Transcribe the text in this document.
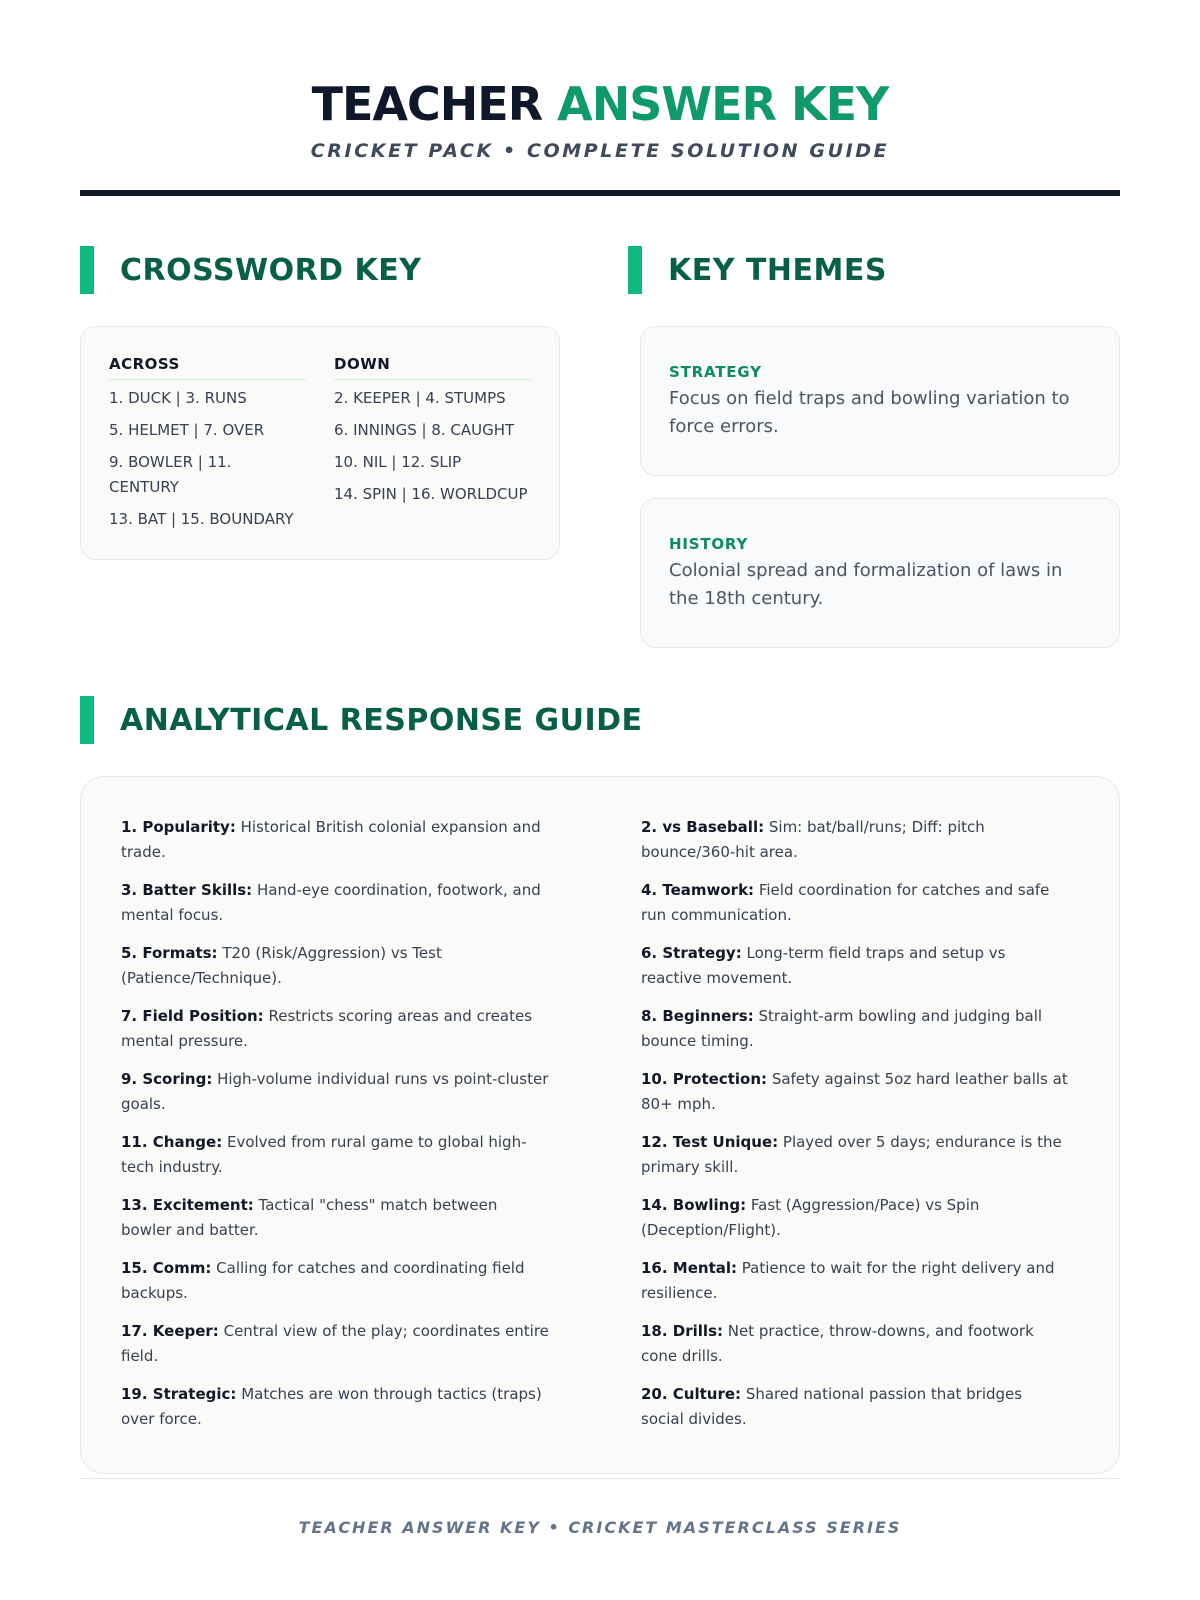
TEACHER ANSWER KEY
CRICKET PACK • COMPLETE SOLUTION GUIDE
CROSSWORD KEY
ACROSS
1. DUCK | 3. RUNS
5. HELMET | 7. OVER
9. BOWLER | 11. CENTURY
13. BAT | 15. BOUNDARY
DOWN
2. KEEPER | 4. STUMPS
6. INNINGS | 8. CAUGHT
10. NIL | 12. SLIP
14. SPIN | 16. WORLDCUP
KEY THEMES
STRATEGY
Focus on field traps and bowling variation to force errors.
HISTORY
Colonial spread and formalization of laws in the 18th century.
ANALYTICAL RESPONSE GUIDE
1. Popularity: Historical British colonial expansion and trade.
2. vs Baseball: Sim: bat/ball/runs; Diff: pitch bounce/360-hit area.
3. Batter Skills: Hand-eye coordination, footwork, and mental focus.
4. Teamwork: Field coordination for catches and safe run communication.
5. Formats: T20 (Risk/Aggression) vs Test (Patience/Technique).
6. Strategy: Long-term field traps and setup vs reactive movement.
7. Field Position: Restricts scoring areas and creates mental pressure.
8. Beginners: Straight-arm bowling and judging ball bounce timing.
9. Scoring: High-volume individual runs vs point-cluster goals.
10. Protection: Safety against 5oz hard leather balls at 80+ mph.
11. Change: Evolved from rural game to global high-tech industry.
12. Test Unique: Played over 5 days; endurance is the primary skill.
13. Excitement: Tactical "chess" match between bowler and batter.
14. Bowling: Fast (Aggression/Pace) vs Spin (Deception/Flight).
15. Comm: Calling for catches and coordinating field backups.
16. Mental: Patience to wait for the right delivery and resilience.
17. Keeper: Central view of the play; coordinates entire field.
18. Drills: Net practice, throw-downs, and footwork cone drills.
19. Strategic: Matches are won through tactics (traps) over force.
20. Culture: Shared national passion that bridges social divides.
TEACHER ANSWER KEY • CRICKET MASTERCLASS SERIES
